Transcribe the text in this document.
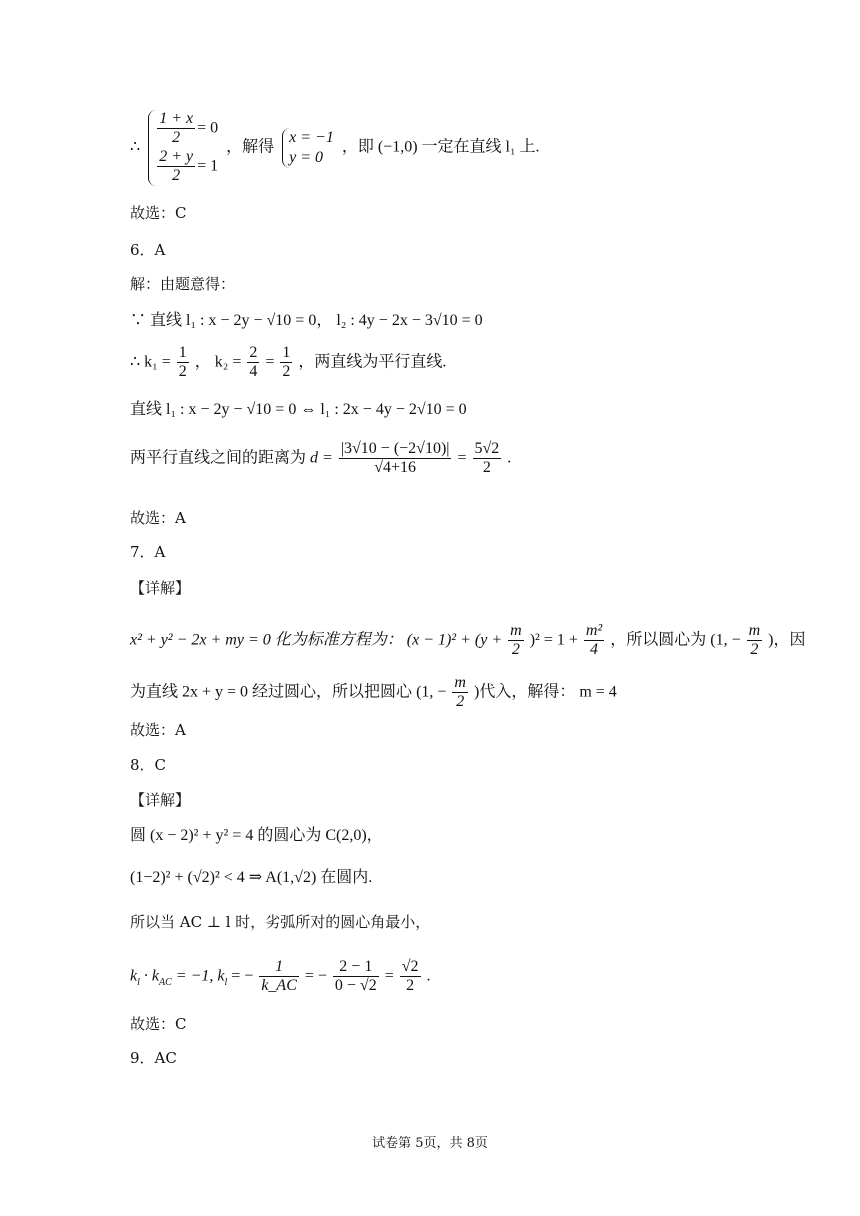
∴ $\frac{1 + x}{2} = 0$
$\frac{2 + y}{2} = 1$
，解得
x = −1
y = 0
，即 (−1,0) 一定在直线 l₁ 上.
故选：C
6．A
解：由题意得：
∵ 直线 l₁ : x − 2y − √10 = 0， l₂ : 4y − 2x − 3√10 = 0
∴ $k_1 = \frac{1}{2}$ ， $k_2 = \frac{2}{4} = \frac{1}{2}$ ，两直线为平行直线.
直线 l₁ : x − 2y − √10 = 0 ⇔ l₁ : 2x − 4y − 2√10 = 0
两平行直线之间的距离为 $d = \frac{|3√10 - (-2√10)|}{√4+16} = \frac{5√2}{2}$ .
故选：A
7．A
【详解】
x² + y² − 2x + my = 0 化为标准方程为： $(x - 1)^2 + (y + \frac{m}{2} )^2 = 1 + \frac{\text{m²}}{4}$ ，所以圆心为 (1, − $\frac{m}{2}$ )，因
为直线 2x + y = 0 经过圆心，所以把圆心 (1, − $\frac{m}{2}$ )代入，解得： m = 4
故选：A
8．C
【详解】
圆 (x − 2)² + y² = 4 的圆心为 C(2,0)，
(1−2)² + (√2)² < 4 ⇒ A(1,√2) 在圆内.
所以当 AC ⊥ l 时，劣弧所对的圆心角最小，
$k_l \cdot k_{AC} = -1$, $k_l$ = − $\frac{1}{k\_AC}$ = − $\frac{2 - 1}{0 - √2} = \frac{√2}{2}$ .
故选：C
9．AC
试卷第 5页，共 8页
